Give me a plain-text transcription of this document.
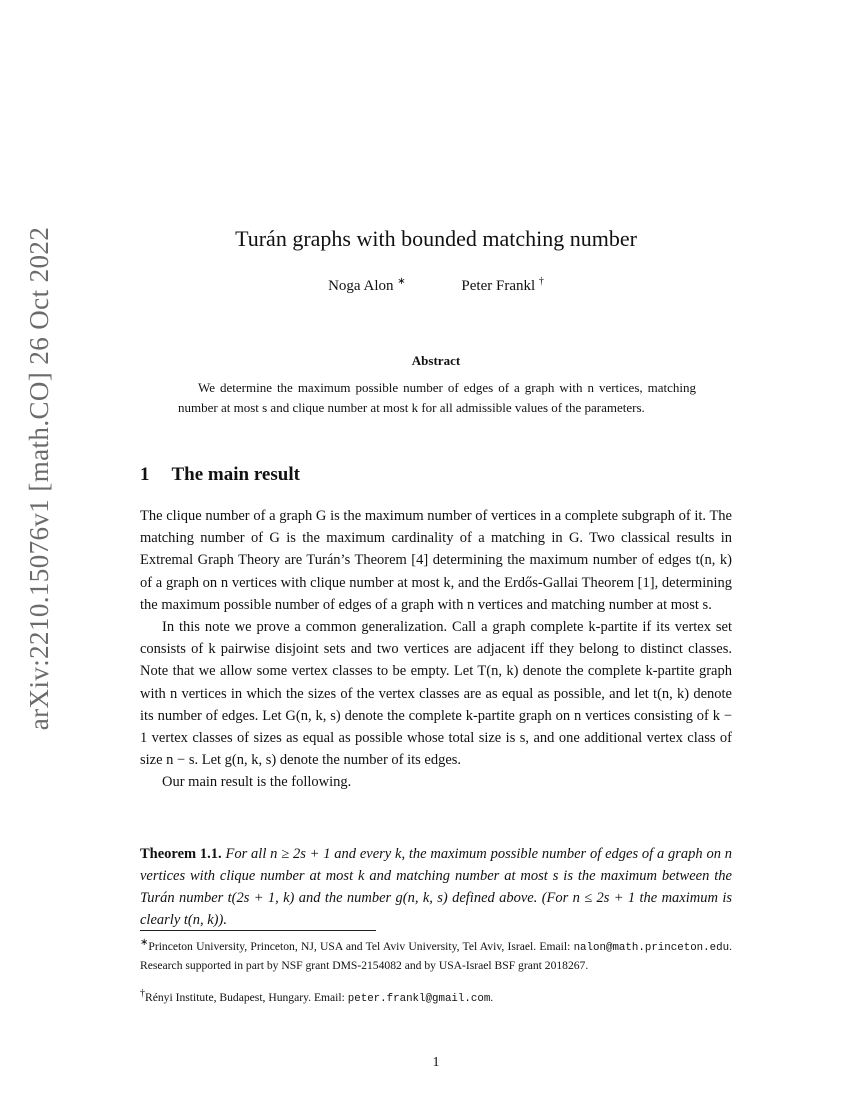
arXiv:2210.15076v1 [math.CO] 26 Oct 2022	Turán graphs with bounded matching number
Noga Alon ∗	Peter Frankl †
Abstract

We determine the maximum possible number of edges of a graph with n vertices, matching number at most s and clique number at most k for all admissible values of the parameters.

1 The main result

The clique number of a graph G is the maximum number of vertices in a complete subgraph of it. The matching number of G is the maximum cardinality of a matching in G. Two classical results in Extremal Graph Theory are Turán’s Theorem [4] determining the maximum number of edges t(n, k) of a graph on n vertices with clique number at most k, and the Erdős-Gallai Theorem [1], determining the maximum possible number of edges of a graph with n vertices and matching number at most s.

In this note we prove a common generalization. Call a graph complete k-partite if its vertex set consists of k pairwise disjoint sets and two vertices are adjacent iff they belong to distinct classes. Note that we allow some vertex classes to be empty. Let T(n, k) denote the complete k-partite graph with n vertices in which the sizes of the vertex classes are as equal as possible, and let t(n, k) denote its number of edges. Let G(n, k, s) denote the complete k-partite graph on n vertices consisting of k − 1 vertex classes of sizes as equal as possible whose total size is s, and one additional vertex class of size n − s. Let g(n, k, s) denote the number of its edges.

Our main result is the following.

Theorem 1.1. For all n ≥ 2s + 1 and every k, the maximum possible number of edges of a graph on n vertices with clique number at most k and matching number at most s is the maximum between the Turán number t(2s + 1, k) and the number g(n, k, s) defined above. (For n ≤ 2s + 1 the maximum is clearly t(n, k)).

∗Princeton University, Princeton, NJ, USA and Tel Aviv University, Tel Aviv, Israel. Email: nalon@math.princeton.edu. Research supported in part by NSF grant DMS-2154082 and by USA-Israel BSF grant 2018267.

†Rényi Institute, Budapest, Hungary. Email: peter.frankl@gmail.com.

1
